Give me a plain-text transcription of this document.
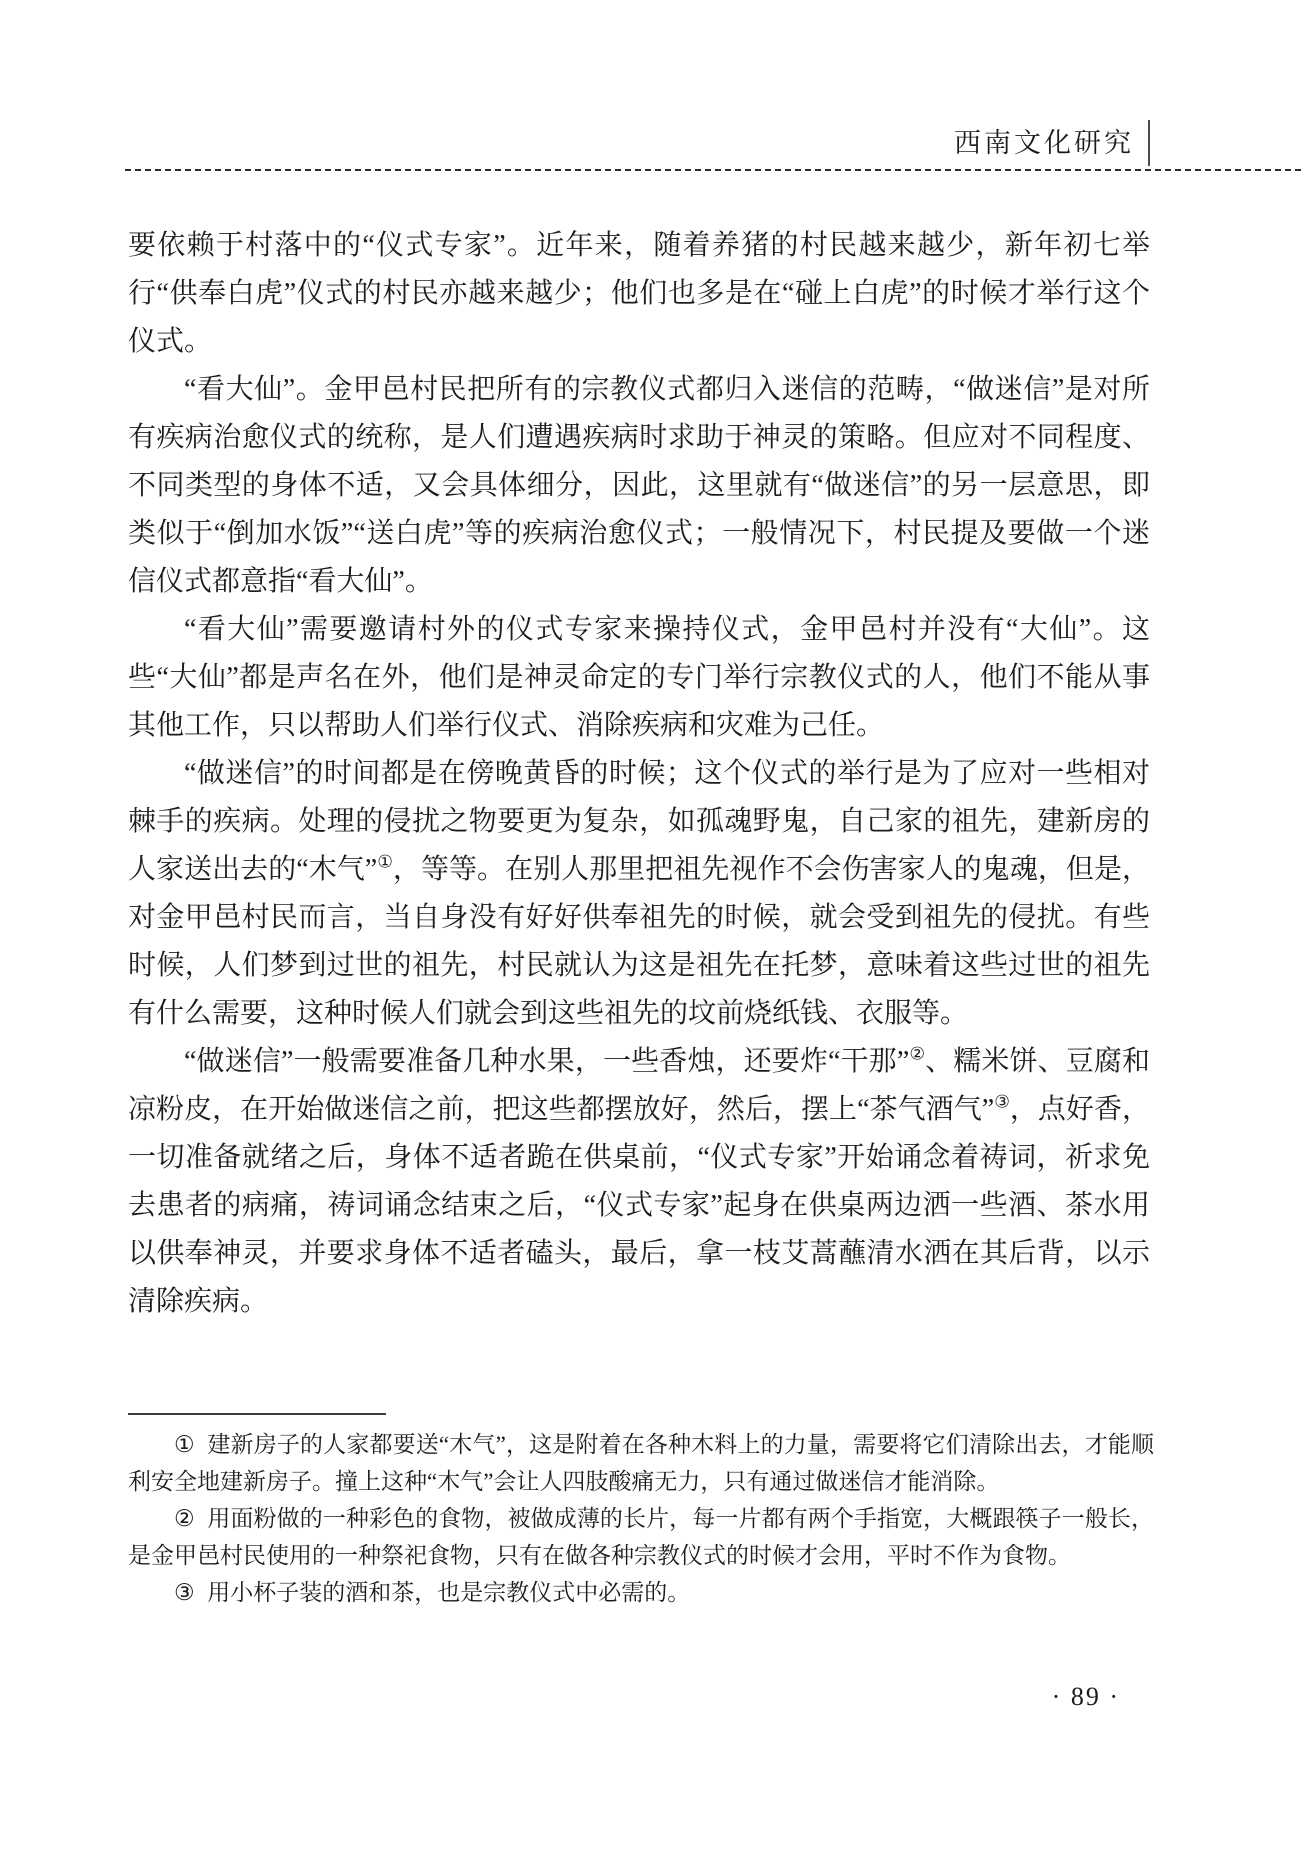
西南文化研究

要依赖于村落中的“仪式专家”。近年来，随着养猪的村民越来越少，新年初七举行“供奉白虎”仪式的村民亦越来越少；他们也多是在“碰上白虎”的时候才举行这个仪式。

“看大仙”。金甲邑村民把所有的宗教仪式都归入迷信的范畴，“做迷信”是对所有疾病治愈仪式的统称，是人们遭遇疾病时求助于神灵的策略。但应对不同程度、不同类型的身体不适，又会具体细分，因此，这里就有“做迷信”的另一层意思，即类似于“倒加水饭”“送白虎”等的疾病治愈仪式；一般情况下，村民提及要做一个迷信仪式都意指“看大仙”。

“看大仙”需要邀请村外的仪式专家来操持仪式，金甲邑村并没有“大仙”。这些“大仙”都是声名在外，他们是神灵命定的专门举行宗教仪式的人，他们不能从事其他工作，只以帮助人们举行仪式、消除疾病和灾难为己任。

“做迷信”的时间都是在傍晚黄昏的时候；这个仪式的举行是为了应对一些相对棘手的疾病。处理的侵扰之物要更为复杂，如孤魂野鬼，自己家的祖先，建新房的人家送出去的“木气”①，等等。在别人那里把祖先视作不会伤害家人的鬼魂，但是，对金甲邑村民而言，当自身没有好好供奉祖先的时候，就会受到祖先的侵扰。有些时候，人们梦到过世的祖先，村民就认为这是祖先在托梦，意味着这些过世的祖先有什么需要，这种时候人们就会到这些祖先的坟前烧纸钱、衣服等。

“做迷信”一般需要准备几种水果，一些香烛，还要炸“干那”②、糯米饼、豆腐和凉粉皮，在开始做迷信之前，把这些都摆放好，然后，摆上“茶气酒气”③，点好香，一切准备就绪之后，身体不适者跪在供桌前，“仪式专家”开始诵念着祷词，祈求免去患者的病痛，祷词诵念结束之后，“仪式专家”起身在供桌两边洒一些酒、茶水用以供奉神灵，并要求身体不适者磕头，最后，拿一枝艾蒿蘸清水洒在其后背，以示清除疾病。

① 建新房子的人家都要送“木气”，这是附着在各种木料上的力量，需要将它们清除出去，才能顺利安全地建新房子。撞上这种“木气”会让人四肢酸痛无力，只有通过做迷信才能消除。

② 用面粉做的一种彩色的食物，被做成薄的长片，每一片都有两个手指宽，大概跟筷子一般长，是金甲邑村民使用的一种祭祀食物，只有在做各种宗教仪式的时候才会用，平时不作为食物。

③ 用小杯子装的酒和茶，也是宗教仪式中必需的。

· 89 ·
